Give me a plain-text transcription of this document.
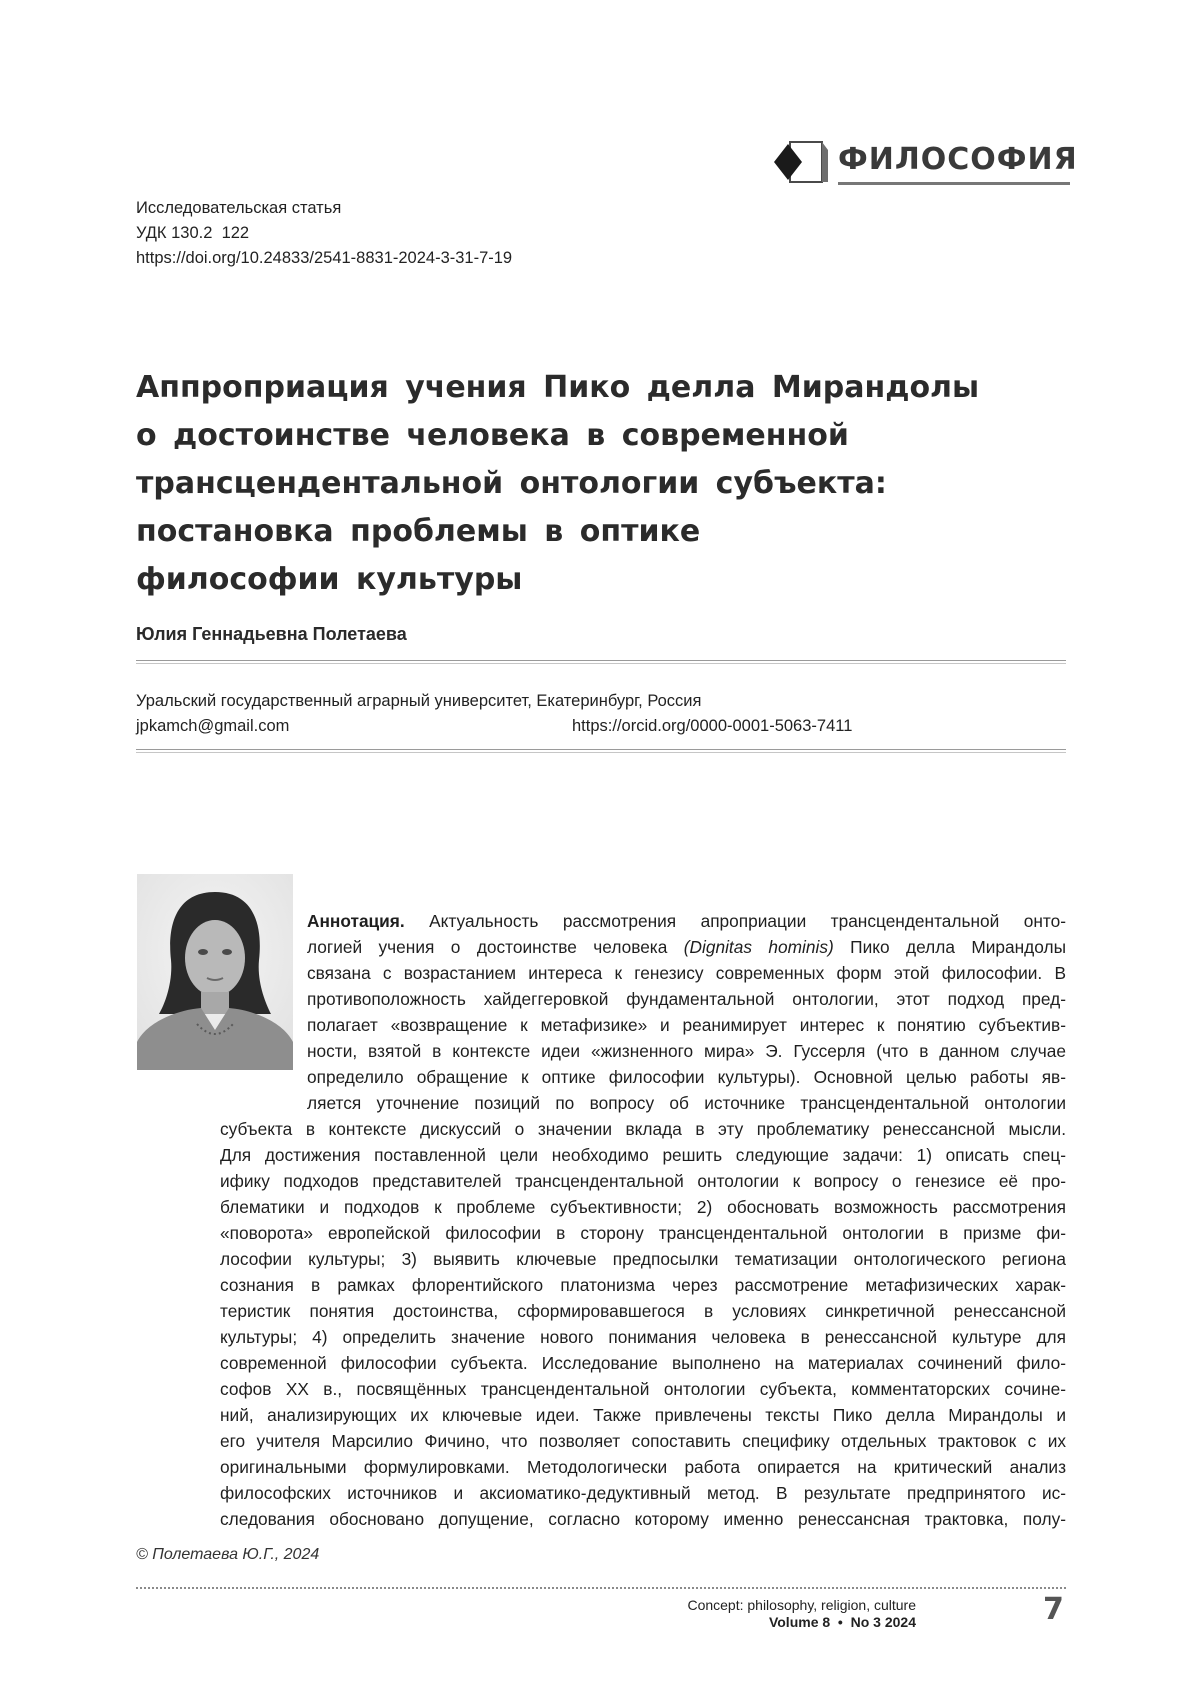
ФИЛОСОФИЯ
Исследовательская статья
УДК 130.2  122
https://doi.org/10.24833/2541-8831-2024-3-31-7-19
Аппроприация учения Пико делла Мирандолы
о достоинстве человека в современной
трансцендентальной онтологии субъекта:
постановка проблемы в оптике
философии культуры
Юлия Геннадьевна Полетаева
Уральский государственный аграрный университет, Екатеринбург, Россия
jpkamch@gmail.com	https://orcid.org/0000-0001-5063-7411
Аннотация. Актуальность рассмотрения апроприации трансцендентальной онто-
логией учения о достоинстве человека (Dignitas hominis) Пико делла Мирандолы
связана с возрастанием интереса к генезису современных форм этой философии. В
противоположность хайдеггеровкой фундаментальной онтологии, этот подход пред-
полагает «возвращение к метафизике» и реанимирует интерес к понятию субъектив-
ности, взятой в контексте идеи «жизненного мира» Э. Гуссерля (что в данном случае
определило обращение к оптике философии культуры). Основной целью работы яв-
ляется уточнение позиций по вопросу об источнике трансцендентальной онтологии
субъекта в контексте дискуссий о значении вклада в эту проблематику ренессансной мысли.
Для достижения поставленной цели необходимо решить следующие задачи: 1) описать спец-
ифику подходов представителей трансцендентальной онтологии к вопросу о генезисе её про-
блематики и подходов к проблеме субъективности; 2) обосновать возможность рассмотрения
«поворота» европейской философии в сторону трансцендентальной онтологии в призме фи-
лософии культуры; 3) выявить ключевые предпосылки тематизации онтологического региона
сознания в рамках флорентийского платонизма через рассмотрение метафизических харак-
теристик понятия достоинства, сформировавшегося в условиях синкретичной ренессансной
культуры; 4) определить значение нового понимания человека в ренессансной культуре для
современной философии субъекта. Исследование выполнено на материалах сочинений фило-
софов XX в., посвящённых трансцендентальной онтологии субъекта, комментаторских сочине-
ний, анализирующих их ключевые идеи. Также привлечены тексты Пико делла Мирандолы и
его учителя Марсилио Фичино, что позволяет сопоставить специфику отдельных трактовок с их
оригинальными формулировками. Методологически работа опирается на критический анализ
философских источников и аксиоматико-дедуктивный метод. В результате предпринятого ис-
следования обосновано допущение, согласно которому именно ренессансная трактовка, полу-
© Полетаева Ю.Г., 2024
Concept: philosophy, religion, culture
Volume 8  •  No 3 2024	7
